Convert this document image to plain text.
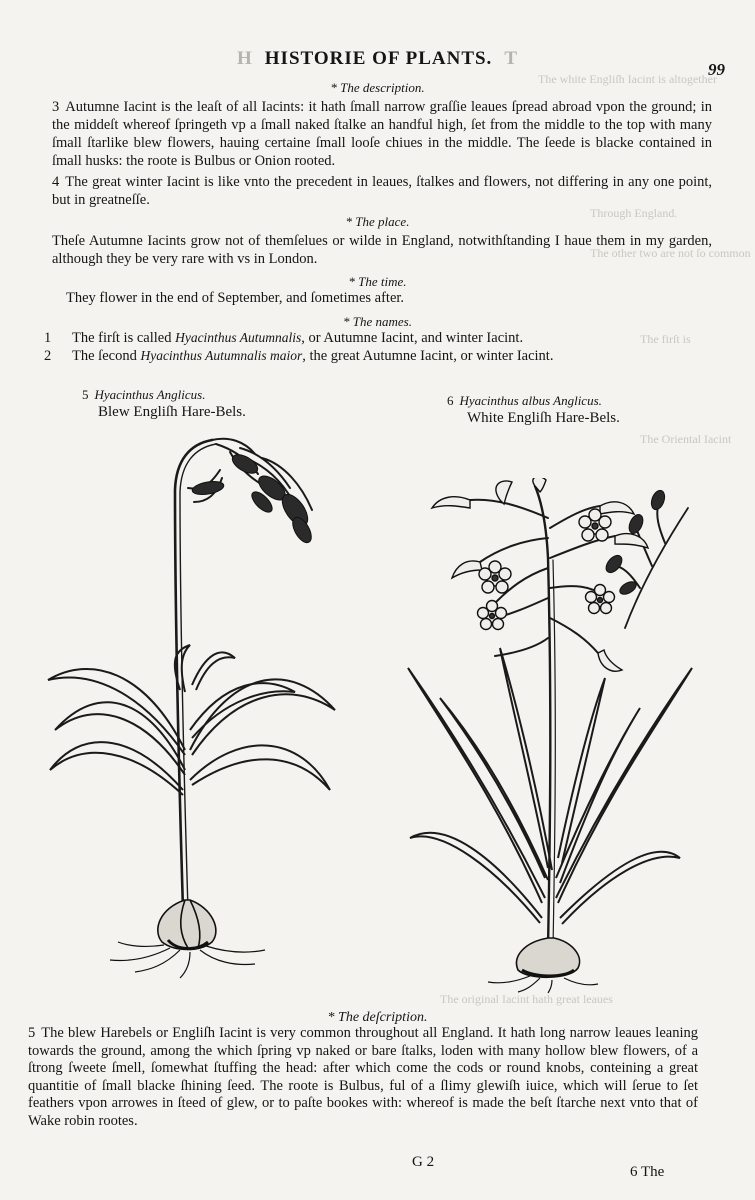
The white Engliſh Iacint is altogether
Through England.
The other two are not ſo common
The firſt is
The Oriental Iacint
The original Iacint hath great leaues
H HISTORIE OF PLANTS. T
99
* The description.
3 Autumne Iacint is the leaſt of all Iacints: it hath ſmall narrow graſſie leaues ſpread abroad vpon the ground; in the middeſt whereof ſpringeth vp a ſmall naked ſtalke an handful high, ſet from the middle to the top with many ſmall ſtarlike blew flowers, hauing certaine ſmall looſe chiues in the middle. The ſeede is blacke contained in ſmall husks: the roote is Bulbus or Onion rooted.
4 The great winter Iacint is like vnto the precedent in leaues, ſtalkes and flowers, not differing in any one point, but in greatneſſe.
* The place.
Theſe Autumne Iacints grow not of themſelues or wilde in England, notwithſtanding I haue them in my garden, although they be very rare with vs in London.
* The time.
They flower in the end of September, and ſometimes after.
* The names.
1 The firſt is called Hyacinthus Autumnalis, or Autumne Iacint, and winter Iacint.
2 The ſecond Hyacinthus Autumnalis maior, the great Autumne Iacint, or winter Iacint.
5 Hyacinthus Anglicus.
Blew Engliſh Hare-Bels.
6 Hyacinthus albus Anglicus.
White Engliſh Hare-Bels.
* The deſcription.
5 The blew Harebels or Engliſh Iacint is very common throughout all England. It hath long narrow leaues leaning towards the ground, among the which ſpring vp naked or bare ſtalks, loden with many hollow blew flowers, of a ſtrong ſweete ſmell, ſomewhat ſtuffing the head: after which come the cods or round knobs, conteining a great quantitie of ſmall blacke ſhining ſeed. The roote is Bulbus, ful of a ſlimy glewiſh iuice, which will ſerue to ſet feathers vpon arrowes in ſteed of glew, or to paſte bookes with: whereof is made the beſt ſtarche next vnto that of Wake robin rootes.
G 2
6 The
